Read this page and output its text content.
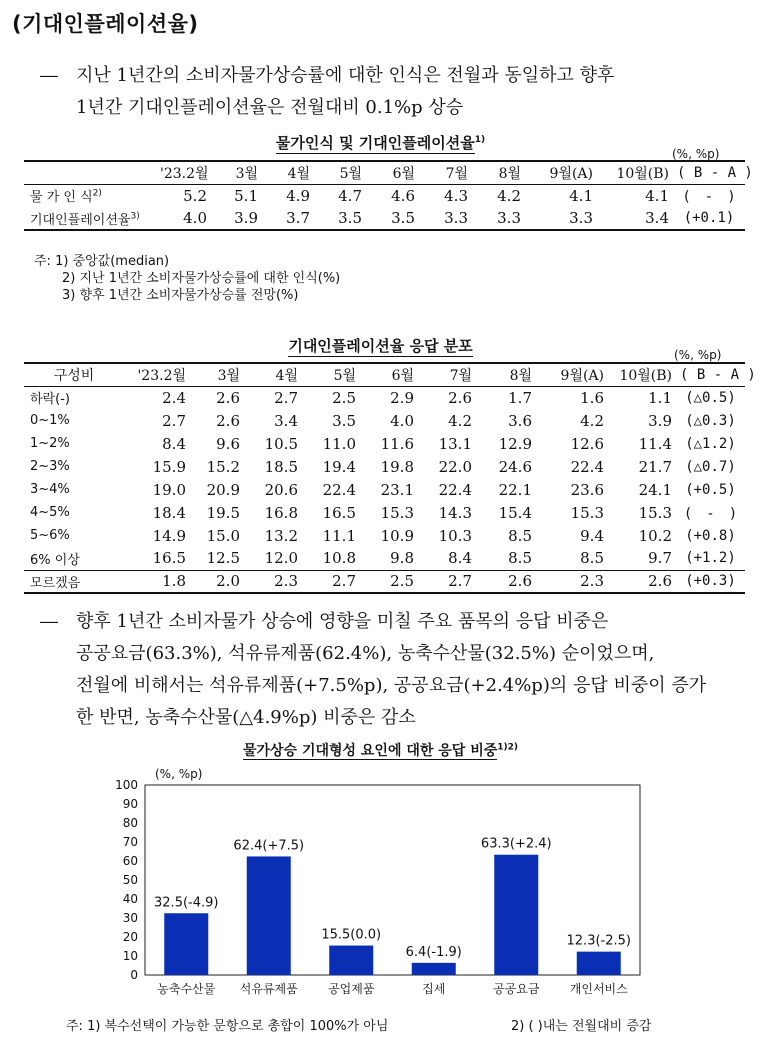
(기대인플레이션율)
― 지난 1년간의 소비자물가상승률에 대한 인식은 전월과 동일하고 향후
1년간 기대인플레이션율은 전월대비 0.1%p 상승
물가인식 및 기대인플레이션율$^{1)}$
(%, %p)
	'23.2월	3월	4월	5월	6월	7월	8월	9월(A)	10월(B)	( B - A )
물 가 인 식$^{2)}$	5.2	5.1	4.9	4.7	4.6	4.3	4.2	4.1	4.1	(　-　)
기대인플레이션율$^{3)}$	4.0	3.9	3.7	3.5	3.5	3.3	3.3	3.3	3.4	(+0.1)
주: 1) 중앙값(median)
2) 지난 1년간 소비자물가상승률에 대한 인식(%)
3) 향후 1년간 소비자물가상승률 전망(%)
기대인플레이션율 응답 분포	(%, %p)
구성비	'23.2월	3월	4월	5월	6월	7월	8월	9월(A)	10월(B)	( B - A )
하락(-)	2.4	2.6	2.7	2.5	2.9	2.6	1.7	1.6	1.1	(△0.5)
0~1%	2.7	2.6	3.4	3.5	4.0	4.2	3.6	4.2	3.9	(△0.3)
1~2%	8.4	9.6	10.5	11.0	11.6	13.1	12.9	12.6	11.4	(△1.2)
2~3%	15.9	15.2	18.5	19.4	19.8	22.0	24.6	22.4	21.7	(△0.7)
3~4%	19.0	20.9	20.6	22.4	23.1	22.4	22.1	23.6	24.1	(+0.5)
4~5%	18.4	19.5	16.8	16.5	15.3	14.3	15.4	15.3	15.3	(　-　)
5~6%	14.9	15.0	13.2	11.1	10.9	10.3	8.5	9.4	10.2	(+0.8)
6% 이상	16.5	12.5	12.0	10.8	9.8	8.4	8.5	8.5	9.7	(+1.2)
모르겠음	1.8	2.0	2.3	2.7	2.5	2.7	2.6	2.3	2.6	(+0.3)
― 향후 1년간 소비자물가 상승에 영향을 미칠 주요 품목의 응답 비중은
공공요금(63.3%), 석유류제품(62.4%), 농축수산물(32.5%) 순이었으며,
전월에 비해서는 석유류제품(+7.5%p), 공공요금(+2.4%p)의 응답 비중이 증가
한 반면, 농축수산물(△4.9%p) 비중은 감소
물가상승 기대형성 요인에 대한 응답 비중$^{1)2)}$
(%, %p)
0
10
20
30
40
50
60
70
80
90
100
32.5(-4.9)
농축수산물
62.4(+7.5)
석유류제품
15.5(0.0)
공업제품
6.4(-1.9)
집세
63.3(+2.4)
공공요금
12.3(-2.5)
개인서비스
주: 1) 복수선택이 가능한 문항으로 총합이 100%가 아님	2) ( )내는 전월대비 증감
